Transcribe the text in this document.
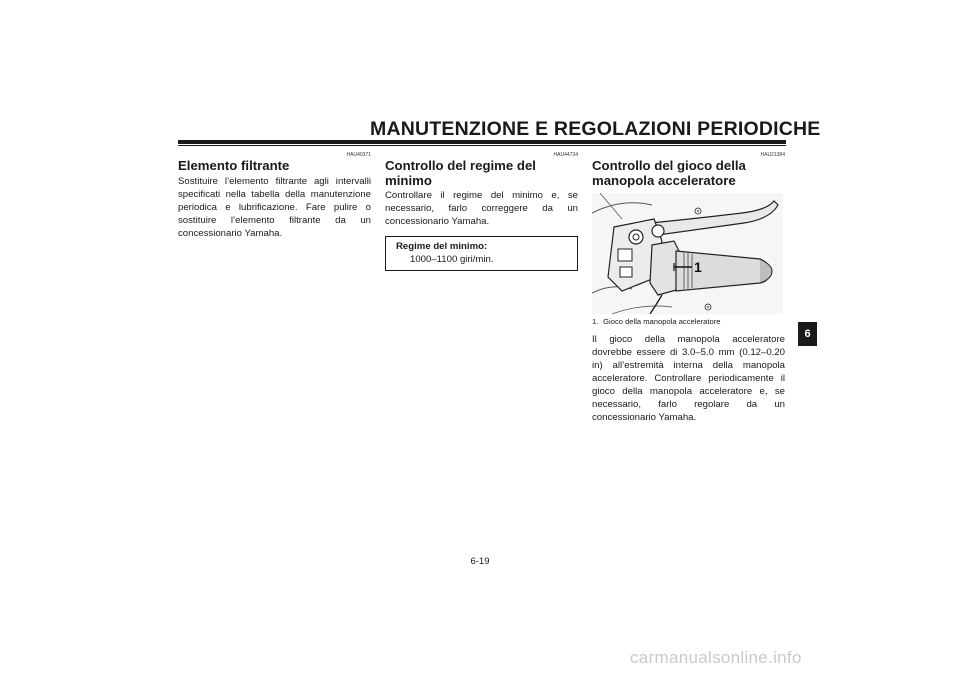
MANUTENZIONE E REGOLAZIONI PERIODICHE
HAU40371
Elemento filtrante
Sostituire l’elemento filtrante agli intervalli specificati nella tabella della manutenzione periodica e lubrificazione. Fare pulire o sostituire l’elemento filtrante da un concessionario Yamaha.
HAU44734
Controllo del regime del minimo
Controllare il regime del minimo e, se necessario, farlo correggere da un concessionario Yamaha.
Regime del minimo:
1000–1100 giri/min.
HAU21384
Controllo del gioco della manopola acceleratore
1
1. Gioco della manopola acceleratore
Il gioco della manopola acceleratore dovrebbe essere di 3.0–5.0 mm (0.12–0.20 in) all’estremità interna della manopola acceleratore. Controllare periodicamente il gioco della manopola acceleratore e, se necessario, farlo regolare da un concessionario Yamaha.
6
6-19
carmanualsonline.info
